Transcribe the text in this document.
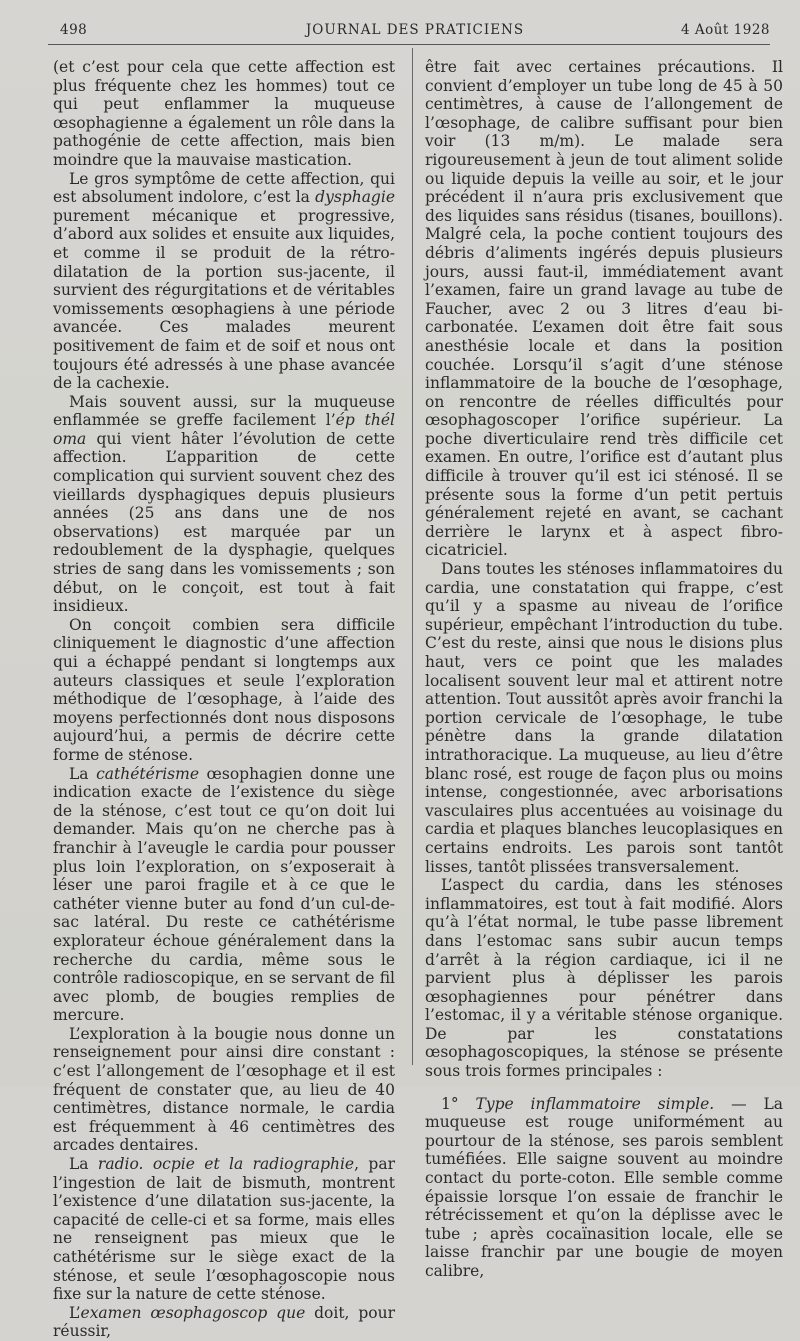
498	JOURNAL DES PRATICIENS	4 Août 1928

(et c’est pour cela que cette affection est plus fréquente chez les hommes) tout ce qui peut enflammer la muqueuse œsophagienne a également un rôle dans la pathogénie de cette affection, mais bien moindre que la mauvaise mastication.

Le gros symptôme de cette affection, qui est absolument indolore, c’est la dysphagie purement mécanique et progressive, d’abord aux solides et ensuite aux liquides, et comme il se produit de la rétro-dilatation de la portion sus-jacente, il survient des régurgitations et de véritables vomissements œsophagiens à une période avancée. Ces malades meurent positivement de faim et de soif et nous ont toujours été adressés à une phase avancée de la cachexie.

Mais souvent aussi, sur la muqueuse enflammée se greffe facilement l’ép thél oma qui vient hâter l’évolution de cette affection. L’apparition de cette complication qui survient souvent chez des vieillards dysphagiques depuis plusieurs années (25 ans dans une de nos observations) est marquée par un redoublement de la dysphagie, quelques stries de sang dans les vomissements ; son début, on le conçoit, est tout à fait insidieux.

On conçoit combien sera difficile cliniquement le diagnostic d’une affection qui a échappé pendant si longtemps aux auteurs classiques et seule l’exploration méthodique de l’œsophage, à l’aide des moyens perfectionnés dont nous disposons aujourd’hui, a permis de décrire cette forme de sténose.

La cathétérisme œsophagien donne une indication exacte de l’existence du siège de la sténose, c’est tout ce qu’on doit lui demander. Mais qu’on ne cherche pas à franchir à l’aveugle le cardia pour pousser plus loin l’exploration, on s’exposerait à léser une paroi fragile et à ce que le cathéter vienne buter au fond d’un cul-de-sac latéral. Du reste ce cathétérisme explorateur échoue généralement dans la recherche du cardia, même sous le contrôle radioscopique, en se servant de fil avec plomb, de bougies remplies de mercure.

L’exploration à la bougie nous donne un renseignement pour ainsi dire constant : c’est l’allongement de l’œsophage et il est fréquent de constater que, au lieu de 40 centimètres, distance normale, le cardia est fréquemment à 46 centimètres des arcades dentaires.

La radio. ocpie et la radiographie, par l’ingestion de lait de bismuth, montrent l’existence d’une dilatation sus-jacente, la capacité de celle-ci et sa forme, mais elles ne renseignent pas mieux que le cathétérisme sur le siège exact de la sténose, et seule l’œsophagoscopie nous fixe sur la nature de cette sténose.

L’examen œsophagoscop que doit, pour réussir,

être fait avec certaines précautions. Il convient d’employer un tube long de 45 à 50 centimètres, à cause de l’allongement de l’œsophage, de calibre suffisant pour bien voir (13 m/m). Le malade sera rigoureusement à jeun de tout aliment solide ou liquide depuis la veille au soir, et le jour précédent il n’aura pris exclusivement que des liquides sans résidus (tisanes, bouillons). Malgré cela, la poche contient toujours des débris d’aliments ingérés depuis plusieurs jours, aussi faut-il, immédiatement avant l’examen, faire un grand lavage au tube de Faucher, avec 2 ou 3 litres d’eau bi-carbonatée. L’examen doit être fait sous anesthésie locale et dans la position couchée. Lorsqu’il s’agit d’une sténose inflammatoire de la bouche de l’œsophage, on rencontre de réelles difficultés pour œsophagoscoper l’orifice supérieur. La poche diverticulaire rend très difficile cet examen. En outre, l’orifice est d’autant plus difficile à trouver qu’il est ici sténosé. Il se présente sous la forme d’un petit pertuis généralement rejeté en avant, se cachant derrière le larynx et à aspect fibro-cicatriciel.

Dans toutes les sténoses inflammatoires du cardia, une constatation qui frappe, c’est qu’il y a spasme au niveau de l’orifice supérieur, empêchant l’introduction du tube. C’est du reste, ainsi que nous le disions plus haut, vers ce point que les malades localisent souvent leur mal et attirent notre attention. Tout aussitôt après avoir franchi la portion cervicale de l’œsophage, le tube pénètre dans la grande dilatation intrathoracique. La muqueuse, au lieu d’être blanc rosé, est rouge de façon plus ou moins intense, congestionnée, avec arborisations vasculaires plus accentuées au voisinage du cardia et plaques blanches leucoplasiques en certains endroits. Les parois sont tantôt lisses, tantôt plissées transversalement.

L’aspect du cardia, dans les sténoses inflammatoires, est tout à fait modifié. Alors qu’à l’état normal, le tube passe librement dans l’estomac sans subir aucun temps d’arrêt à la région cardiaque, ici il ne parvient plus à déplisser les parois œsophagiennes pour pénétrer dans l’estomac, il y a véritable sténose organique. De par les constatations œsophagoscopiques, la sténose se présente sous trois formes principales :

1° Type inflammatoire simple. — La muqueuse est rouge uniformément au pourtour de la sténose, ses parois semblent tuméfiées. Elle saigne souvent au moindre contact du porte-coton. Elle semble comme épaissie lorsque l’on essaie de franchir le rétrécissement et qu’on la déplisse avec le tube ; après cocaïnasition locale, elle se laisse franchir par une bougie de moyen calibre,
